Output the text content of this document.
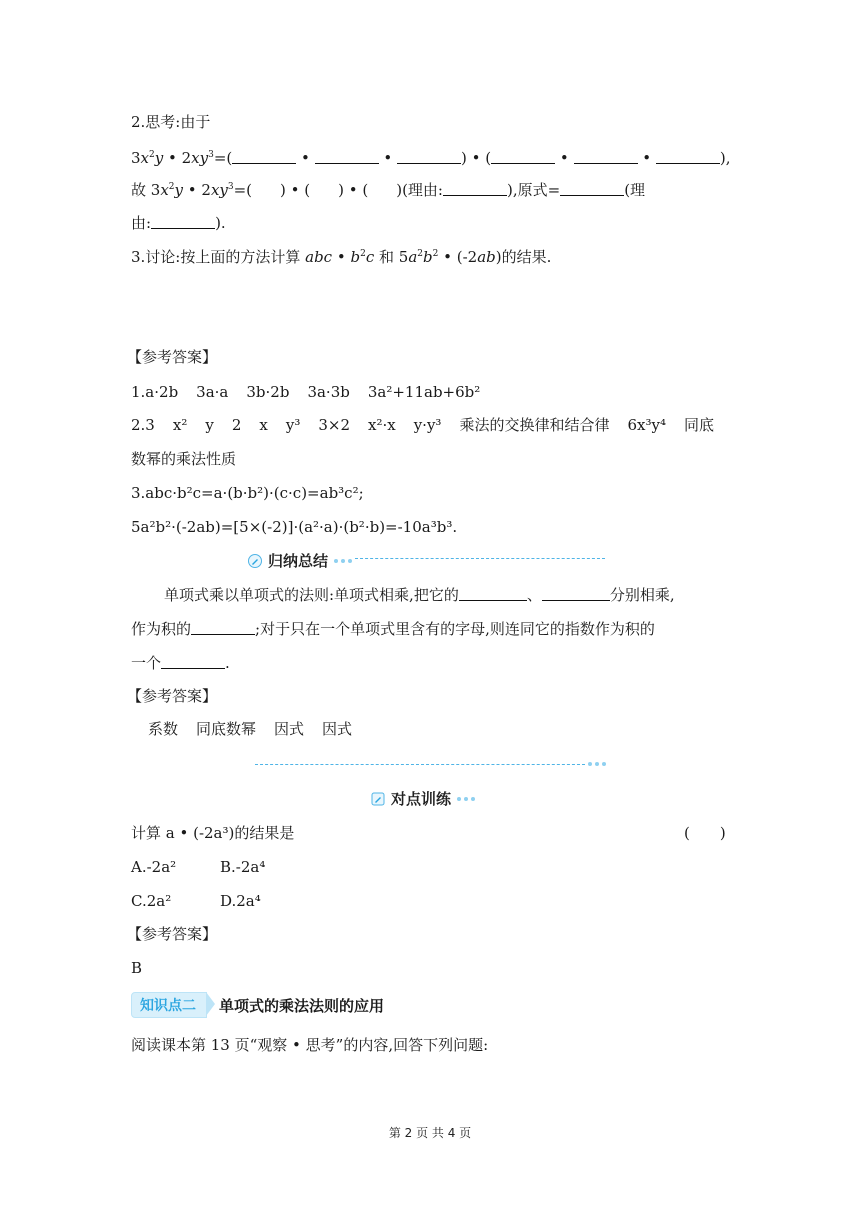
2.思考:由于
$3x^2y$ • $2xy^3=$(	•	•	) • (	•	•	),
故 $3x^2y$ • $2xy^3=$( ) • ( ) • ( )(理由:	),原式=	(理
由:	).
3.讨论:按上面的方法计算 abc • $b^2c$ 和 $5a^2b^2$ • (-2ab)的结果.
【参考答案】
1.a·2b 3a·a 3b·2b 3a·3b 3a²+11ab+6b²
2.3 x² y 2 x y³ 3×2 x²·x y·y³ 乘法的交换律和结合律 6x³y⁴ 同底
数幂的乘法性质
3.abc·b²c=a·(b·b²)·(c·c)=ab³c²;
5a²b²·(-2ab)=[5×(-2)]·(a²·a)·(b²·b)=-10a³b³.
归纳总结
单项式乘以单项式的法则:单项式相乘,把它的	、	分别相乘,
作为积的	;对于只在一个单项式里含有的字母,则连同它的指数作为积的
一个	.
【参考答案】
系数 同底数幂 因式 因式
对点训练
计算 a • (-2a³)的结果是	(　　)
A.-2a²	B.-2a⁴
C.2a²	D.2a⁴
【参考答案】
B
知识点二	单项式的乘法法则的应用
阅读课本第 13 页“观察 • 思考”的内容,回答下列问题:
第 2 页 共 4 页
